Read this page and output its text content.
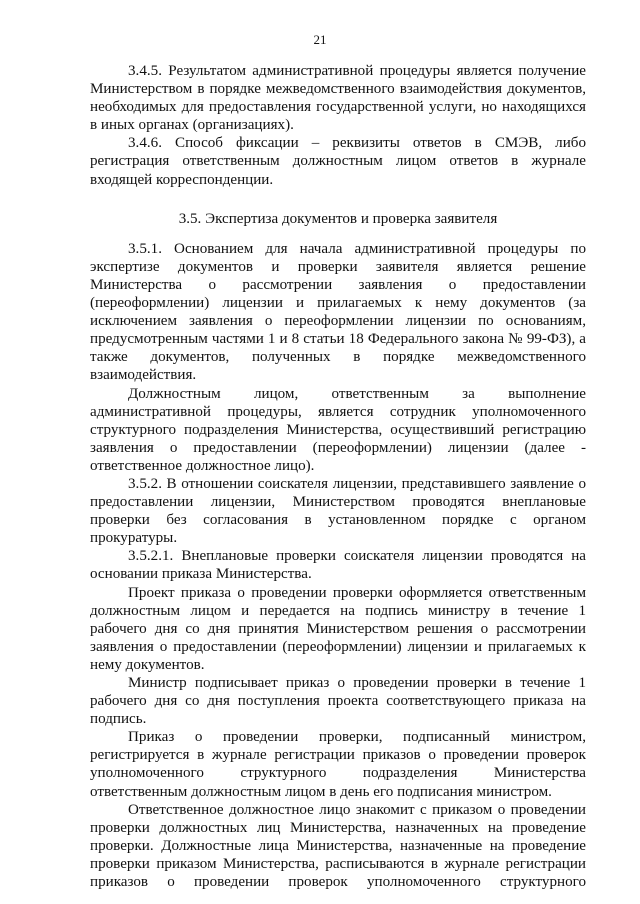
21

3.4.5. Результатом административной процедуры является получение Министерством в порядке межведомственного взаимодействия документов, необходимых для предоставления государственной услуги, но находящихся в иных органах (организациях).

3.4.6. Способ фиксации – реквизиты ответов в СМЭВ, либо регистрация ответственным должностным лицом ответов в журнале входящей корреспонденции.

3.5. Экспертиза документов и проверка заявителя

3.5.1. Основанием для начала административной процедуры по экспертизе документов и проверки заявителя является решение Министерства о рассмотрении заявления о предоставлении (переоформлении) лицензии и прилагаемых к нему документов (за исключением заявления о переоформлении лицензии по основаниям, предусмотренным частями 1 и 8 статьи 18 Федерального закона № 99-ФЗ), а также документов, полученных в порядке межведомственного взаимодействия.

Должностным лицом, ответственным за выполнение административной процедуры, является сотрудник уполномоченного структурного подразделения Министерства, осуществивший регистрацию заявления о предоставлении (переоформлении) лицензии (далее - ответственное должностное лицо).

3.5.2. В отношении соискателя лицензии, представившего заявление о предоставлении лицензии, Министерством проводятся внеплановые проверки без согласования в установленном порядке с органом прокуратуры.

3.5.2.1. Внеплановые проверки соискателя лицензии проводятся на основании приказа Министерства.

Проект приказа о проведении проверки оформляется ответственным должностным лицом и передается на подпись министру в течение 1 рабочего дня со дня принятия Министерством решения о рассмотрении заявления о предоставлении (переоформлении) лицензии и прилагаемых к нему документов.

Министр подписывает приказ о проведении проверки в течение 1 рабочего дня со дня поступления проекта соответствующего приказа на подпись.

Приказ о проведении проверки, подписанный министром, регистрируется в журнале регистрации приказов о проведении проверок уполномоченного структурного подразделения Министерства ответственным должностным лицом в день его подписания министром.

Ответственное должностное лицо знакомит с приказом о проведении проверки должностных лиц Министерства, назначенных на проведение проверки. Должностные лица Министерства, назначенные на проведение проверки приказом Министерства, расписываются в журнале регистрации приказов о проведении проверок уполномоченного структурного
